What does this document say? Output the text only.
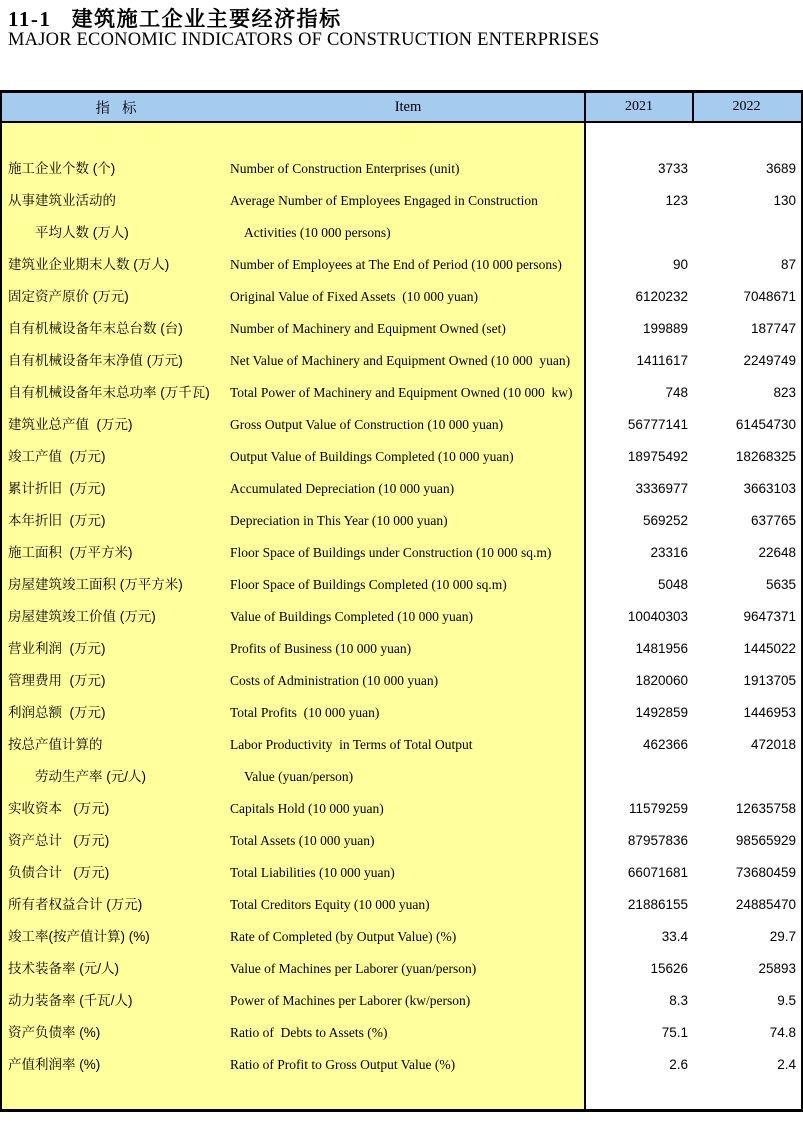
11-1   建筑施工企业主要经济指标
MAJOR ECONOMIC INDICATORS OF CONSTRUCTION ENTERPRISES
指   标	Item	2021	2022
施工企业个数 (个)	Number of Construction Enterprises (unit)	3733	3689
从事建筑业活动的	Average Number of Employees Engaged in Construction	123	130
平均人数 (万人)	Activities (10 000 persons)
建筑业企业期末人数 (万人)	Number of Employees at The End of Period (10 000 persons)	90	87
固定资产原价 (万元)	Original Value of Fixed Assets  (10 000 yuan)	6120232	7048671
自有机械设备年末总台数 (台)	Number of Machinery and Equipment Owned (set)	199889	187747
自有机械设备年末净值 (万元)	Net Value of Machinery and Equipment Owned (10 000  yuan)	1411617	2249749
自有机械设备年末总功率 (万千瓦)	Total Power of Machinery and Equipment Owned (10 000  kw)	748	823
建筑业总产值  (万元)	Gross Output Value of Construction (10 000 yuan)	56777141	61454730
竣工产值  (万元)	Output Value of Buildings Completed (10 000 yuan)	18975492	18268325
累计折旧  (万元)	Accumulated Depreciation (10 000 yuan)	3336977	3663103
本年折旧  (万元)	Depreciation in This Year (10 000 yuan)	569252	637765
施工面积  (万平方米)	Floor Space of Buildings under Construction (10 000 sq.m)	23316	22648
房屋建筑竣工面积 (万平方米)	Floor Space of Buildings Completed (10 000 sq.m)	5048	5635
房屋建筑竣工价值 (万元)	Value of Buildings Completed (10 000 yuan)	10040303	9647371
营业利润  (万元)	Profits of Business (10 000 yuan)	1481956	1445022
管理费用  (万元)	Costs of Administration (10 000 yuan)	1820060	1913705
利润总额  (万元)	Total Profits  (10 000 yuan)	1492859	1446953
按总产值计算的	Labor Productivity  in Terms of Total Output	462366	472018
劳动生产率 (元/人)	Value (yuan/person)
实收资本   (万元)	Capitals Hold (10 000 yuan)	11579259	12635758
资产总计   (万元)	Total Assets (10 000 yuan)	87957836	98565929
负债合计   (万元)	Total Liabilities (10 000 yuan)	66071681	73680459
所有者权益合计 (万元)	Total Creditors Equity (10 000 yuan)	21886155	24885470
竣工率(按产值计算) (%)	Rate of Completed (by Output Value) (%)	33.4	29.7
技术装备率 (元/人)	Value of Machines per Laborer (yuan/person)	15626	25893
动力装备率 (千瓦/人)	Power of Machines per Laborer (kw/person)	8.3	9.5
资产负债率 (%)	Ratio of  Debts to Assets (%)	75.1	74.8
产值利润率 (%)	Ratio of Profit to Gross Output Value (%)	2.6	2.4
